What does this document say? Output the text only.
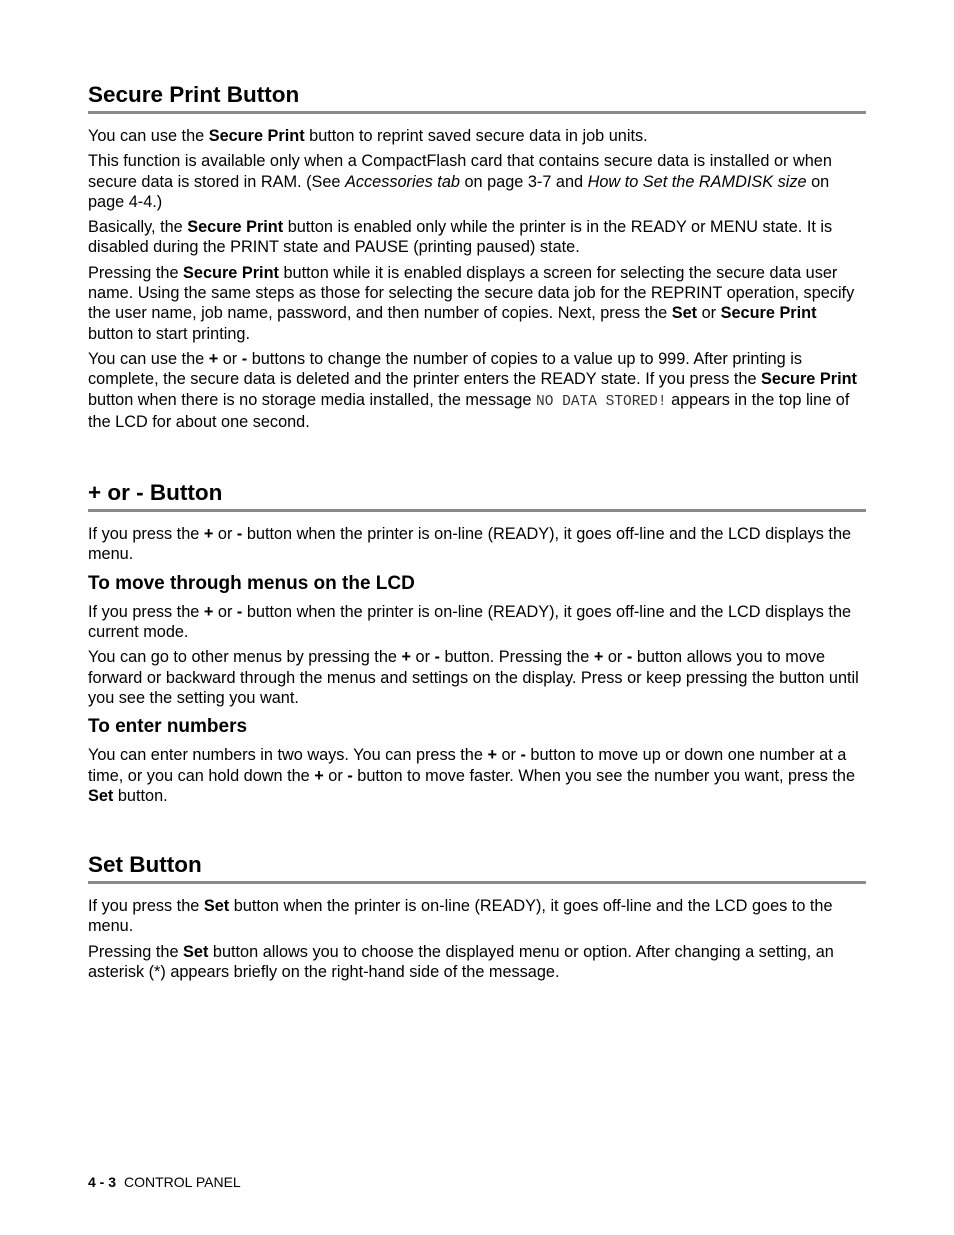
Secure Print Button

You can use the Secure Print button to reprint saved secure data in job units.

This function is available only when a CompactFlash card that contains secure data is installed or when secure data is stored in RAM. (See Accessories tab on page 3-7 and How to Set the RAMDISK size on page 4-4.)

Basically, the Secure Print button is enabled only while the printer is in the READY or MENU state. It is disabled during the PRINT state and PAUSE (printing paused) state.

Pressing the Secure Print button while it is enabled displays a screen for selecting the secure data user name. Using the same steps as those for selecting the secure data job for the REPRINT operation, specify the user name, job name, password, and then number of copies. Next, press the Set or Secure Print button to start printing.

You can use the + or - buttons to change the number of copies to a value up to 999. After printing is complete, the secure data is deleted and the printer enters the READY state. If you press the Secure Print button when there is no storage media installed, the message NO DATA STORED! appears in the top line of the LCD for about one second.

+ or - Button

If you press the + or - button when the printer is on-line (READY), it goes off-line and the LCD displays the menu.

To move through menus on the LCD

If you press the + or - button when the printer is on-line (READY), it goes off-line and the LCD displays the current mode.

You can go to other menus by pressing the + or - button. Pressing the + or - button allows you to move forward or backward through the menus and settings on the display. Press or keep pressing the button until you see the setting you want.

To enter numbers

You can enter numbers in two ways. You can press the + or - button to move up or down one number at a time, or you can hold down the + or - button to move faster. When you see the number you want, press the Set button.

Set Button

If you press the Set button when the printer is on-line (READY), it goes off-line and the LCD goes to the menu.

Pressing the Set button allows you to choose the displayed menu or option. After changing a setting, an asterisk (*) appears briefly on the right-hand side of the message.

4 - 3 CONTROL PANEL
